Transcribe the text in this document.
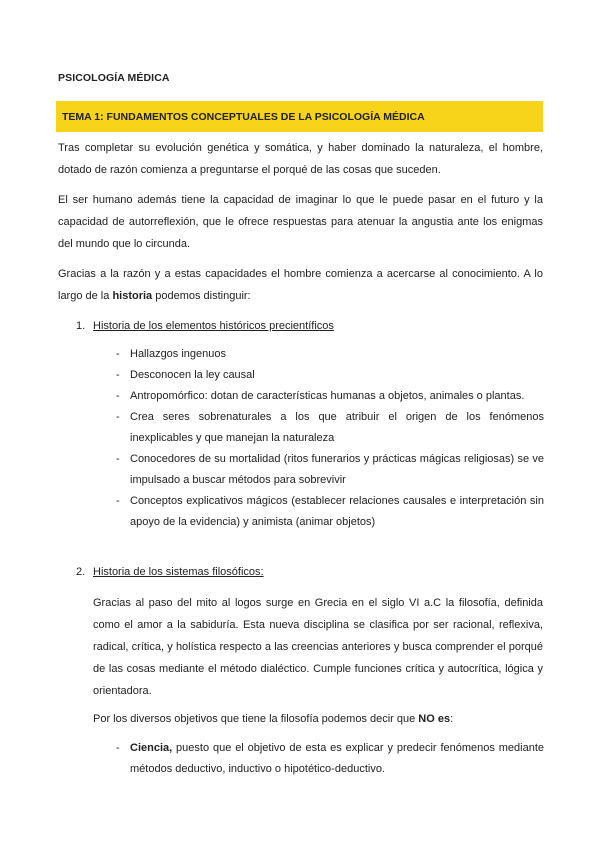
PSICOLOGÍA MÉDICA
TEMA 1: FUNDAMENTOS CONCEPTUALES DE LA PSICOLOGÍA MÉDICA

Tras completar su evolución genética y somática, y haber dominado la naturaleza, el hombre, dotado de razón comienza a preguntarse el porqué de las cosas que suceden.

El ser humano además tiene la capacidad de imaginar lo que le puede pasar en el futuro y la capacidad de autorreflexión, que le ofrece respuestas para atenuar la angustia ante los enigmas del mundo que lo circunda.

Gracias a la razón y a estas capacidades el hombre comienza a acercarse al conocimiento. A lo largo de la historia podemos distinguir:

1. Historia de los elementos históricos precientíficos
- Hallazgos ingenuos
- Desconocen la ley causal
- Antropomórfico: dotan de características humanas a objetos, animales o plantas.
- Crea seres sobrenaturales a los que atribuir el origen de los fenómenos inexplicables y que manejan la naturaleza
- Conocedores de su mortalidad (ritos funerarios y prácticas mágicas religiosas) se ve impulsado a buscar métodos para sobrevivir
- Conceptos explicativos mágicos (establecer relaciones causales e interpretación sin apoyo de la evidencia) y animista (animar objetos)
2. Historia de los sistemas filosóficos:

Gracias al paso del mito al logos surge en Grecia en el siglo VI a.C la filosofía, definida como el amor a la sabiduría. Esta nueva disciplina se clasifica por ser racional, reflexiva, radical, crítica, y holística respecto a las creencias anteriores y busca comprender el porqué de las cosas mediante el método dialéctico. Cumple funciones crítica y autocrítica, lógica y orientadora.

Por los diversos objetivos que tiene la filosofía podemos decir que NO es:

- Ciencia, puesto que el objetivo de esta es explicar y predecir fenómenos mediante métodos deductivo, inductivo o hipotético-deductivo.
